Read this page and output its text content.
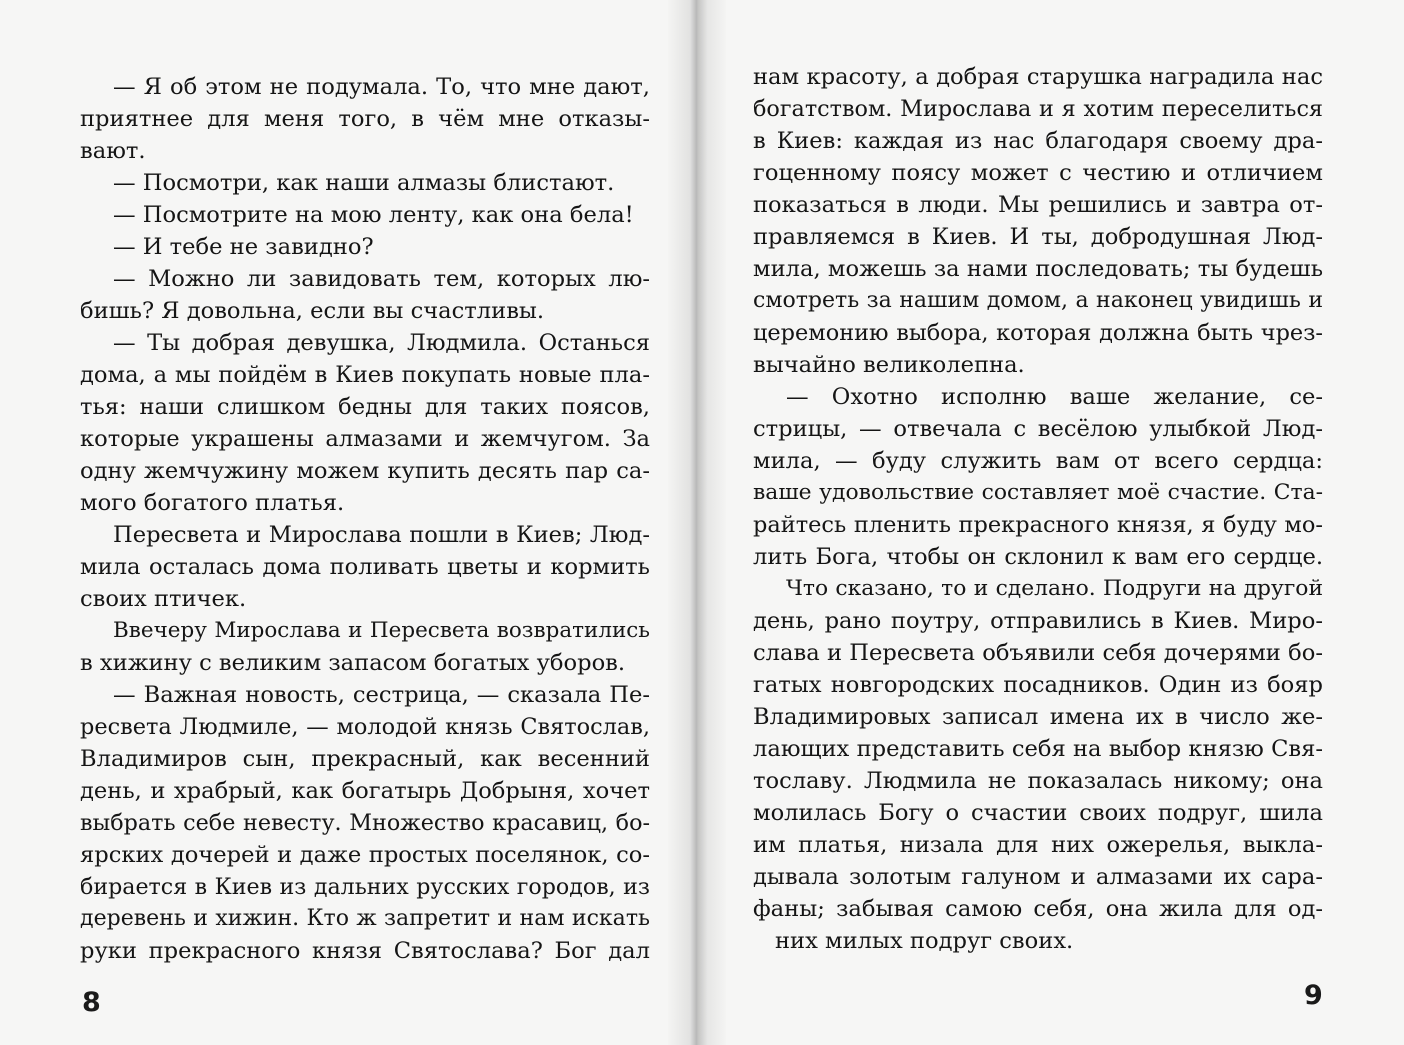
— Я об этом не подумала. То, что мне дают,
приятнее для меня того, в чём мне отказы-
вают.
— Посмотри, как наши алмазы блистают.
— Посмотрите на мою ленту, как она бела!
— И тебе не завидно?
— Можно ли завидовать тем, которых лю-
бишь? Я довольна, если вы счастливы.
— Ты добрая девушка, Людмила. Останься
дома, а мы пойдём в Киев покупать новые пла-
тья: наши слишком бедны для таких поясов,
которые украшены алмазами и жемчугом. За
одну жемчужину можем купить десять пар са-
мого богатого платья.
Пересвета и Мирослава пошли в Киев; Люд-
мила осталась дома поливать цветы и кормить
своих птичек.
Ввечеру Мирослава и Пересвета возвратились
в хижину с великим запасом богатых уборов.
— Важная новость, сестрица, — сказала Пе-
ресвета Людмиле, — молодой князь Святослав,
Владимиров сын, прекрасный, как весенний
день, и храбрый, как богатырь Добрыня, хочет
выбрать себе невесту. Множество красавиц, бо-
ярских дочерей и даже простых поселянок, со-
бирается в Киев из дальних русских городов, из
деревень и хижин. Кто ж запретит и нам искать
руки прекрасного князя Святослава? Бог дал
8	9
нам красоту, а добрая старушка наградила нас
богатством. Мирослава и я хотим переселиться
в Киев: каждая из нас благодаря своему дра-
гоценному поясу может с честию и отличием
показаться в люди. Мы решились и завтра от-
правляемся в Киев. И ты, добродушная Люд-
мила, можешь за нами последовать; ты будешь
смотреть за нашим домом, а наконец увидишь и
церемонию выбора, которая должна быть чрез-
вычайно великолепна.
— Охотно исполню ваше желание, се-
стрицы, — отвечала с весёлою улыбкой Люд-
мила, — буду служить вам от всего сердца:
ваше удовольствие составляет моё счастие. Ста-
райтесь пленить прекрасного князя, я буду мо-
лить Бога, чтобы он склонил к вам его сердце.
Что сказано, то и сделано. Подруги на другой
день, рано поутру, отправились в Киев. Миро-
слава и Пересвета объявили себя дочерями бо-
гатых новгородских посадников. Один из бояр
Владимировых записал имена их в число же-
лающих представить себя на выбор князю Свя-
тославу. Людмила не показалась никому; она
молилась Богу о счастии своих подруг, шила
им платья, низала для них ожерелья, выкла-
дывала золотым галуном и алмазами их сара-
фаны; забывая самою себя, она жила для од-
них милых подруг своих.
